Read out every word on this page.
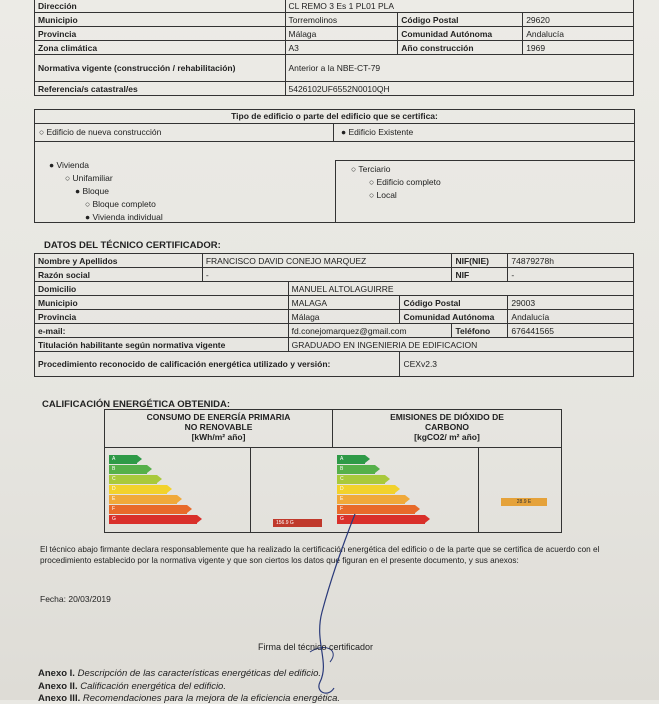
Dirección	CL REMO 3 Es 1 PL01 PLA		
Municipio	Torremolinos	Código Postal	29620
Provincia	Málaga	Comunidad Autónoma	Andalucía
Zona climática	A3	Año construcción	1969
Normativa vigente (construcción / rehabilitación)	Anterior a la NBE-CT-79		
Referencia/s catastral/es	5426102UF6552N0010QH		
Tipo de edificio o parte del edificio que se certifica:
○ Edificio de nueva construcción	● Edificio Existente
● Vivienda
○ Unifamiliar
● Bloque
○ Bloque completo
● Vivienda individual
○ Terciario
○ Edificio completo
○ Local
DATOS DEL TÉCNICO CERTIFICADOR:
Nombre y Apellidos	FRANCISCO DAVID CONEJO MARQUEZ			NIF(NIE)	74879278h
Razón social	-			NIF	-
Domicilio		MANUEL ALTOLAGUIRRE			
Municipio		MALAGA	Código Postal		29003
Provincia		Málaga	Comunidad Autónoma		Andalucía
e-mail:		fd.conejomarquez@gmail.com		Teléfono	676441565
Titulación habilitante según normativa vigente		GRADUADO EN INGENIERIA DE EDIFICACION			
Procedimiento reconocido de calificación energética utilizado y versión:			CEXv2.3		
CALIFICACIÓN ENERGÉTICA OBTENIDA:
CONSUMO DE ENERGÍA PRIMARIA NO RENOVABLE
[kWh/m² año]
EMISIONES DE DIÓXIDO DE CARBONO
[kgCO2/ m² año]
A
B
C
D
E
F
G
A
B
C
D
E
F
G
156.9 G
28.9 E

El técnico abajo firmante declara responsablemente que ha realizado la certificación energética del edificio o de la parte que se certifica de acuerdo con el procedimiento establecido por la normativa vigente y que son ciertos los datos que figuran en el presente documento, y sus anexos:

Fecha: 20/03/2019
Firma del técnico certificador
Anexo I. Descripción de las características energéticas del edificio.
Anexo II. Calificación energética del edificio.
Anexo III. Recomendaciones para la mejora de la eficiencia energética.
